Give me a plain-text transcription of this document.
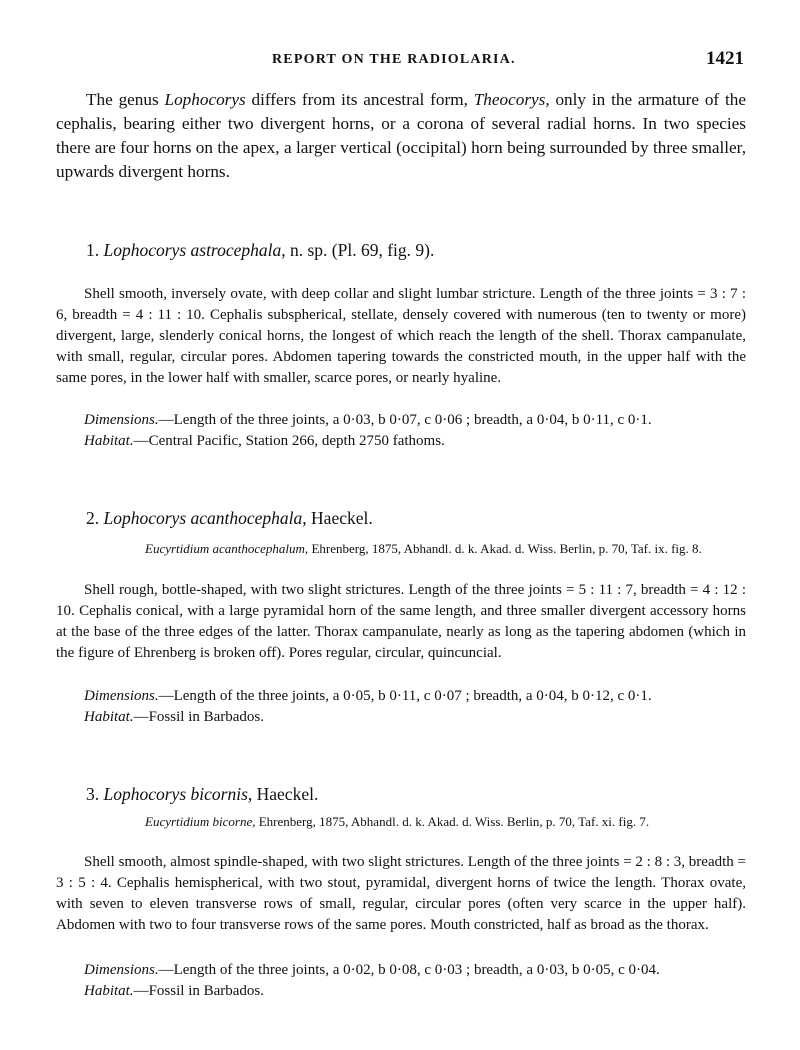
REPORT ON THE RADIOLARIA.	1421
The genus Lophocorys differs from its ancestral form, Theocorys, only in the armature of the cephalis, bearing either two divergent horns, or a corona of several radial horns. In two species there are four horns on the apex, a larger vertical (occipital) horn being surrounded by three smaller, upwards divergent horns.
1. Lophocorys astrocephala, n. sp. (Pl. 69, fig. 9).
Shell smooth, inversely ovate, with deep collar and slight lumbar stricture. Length of the three joints = 3 : 7 : 6, breadth = 4 : 11 : 10. Cephalis subspherical, stellate, densely covered with numerous (ten to twenty or more) divergent, large, slenderly conical horns, the longest of which reach the length of the shell. Thorax campanulate, with small, regular, circular pores. Abdomen tapering towards the constricted mouth, in the upper half with the same pores, in the lower half with smaller, scarce pores, or nearly hyaline.
Dimensions.—Length of the three joints, a 0·03, b 0·07, c 0·06 ; breadth, a 0·04, b 0·11, c 0·1.
Habitat.—Central Pacific, Station 266, depth 2750 fathoms.
2. Lophocorys acanthocephala, Haeckel.
Eucyrtidium acanthocephalum, Ehrenberg, 1875, Abhandl. d. k. Akad. d. Wiss. Berlin, p. 70, Taf. ix. fig. 8.
Shell rough, bottle-shaped, with two slight strictures. Length of the three joints = 5 : 11 : 7, breadth = 4 : 12 : 10. Cephalis conical, with a large pyramidal horn of the same length, and three smaller divergent accessory horns at the base of the three edges of the latter. Thorax campanulate, nearly as long as the tapering abdomen (which in the figure of Ehrenberg is broken off). Pores regular, circular, quincuncial.
Dimensions.—Length of the three joints, a 0·05, b 0·11, c 0·07 ; breadth, a 0·04, b 0·12, c 0·1.
Habitat.—Fossil in Barbados.
3. Lophocorys bicornis, Haeckel.
Eucyrtidium bicorne, Ehrenberg, 1875, Abhandl. d. k. Akad. d. Wiss. Berlin, p. 70, Taf. xi. fig. 7.
Shell smooth, almost spindle-shaped, with two slight strictures. Length of the three joints = 2 : 8 : 3, breadth = 3 : 5 : 4. Cephalis hemispherical, with two stout, pyramidal, divergent horns of twice the length. Thorax ovate, with seven to eleven transverse rows of small, regular, circular pores (often very scarce in the upper half). Abdomen with two to four transverse rows of the same pores. Mouth constricted, half as broad as the thorax.
Dimensions.—Length of the three joints, a 0·02, b 0·08, c 0·03 ; breadth, a 0·03, b 0·05, c 0·04.
Habitat.—Fossil in Barbados.
